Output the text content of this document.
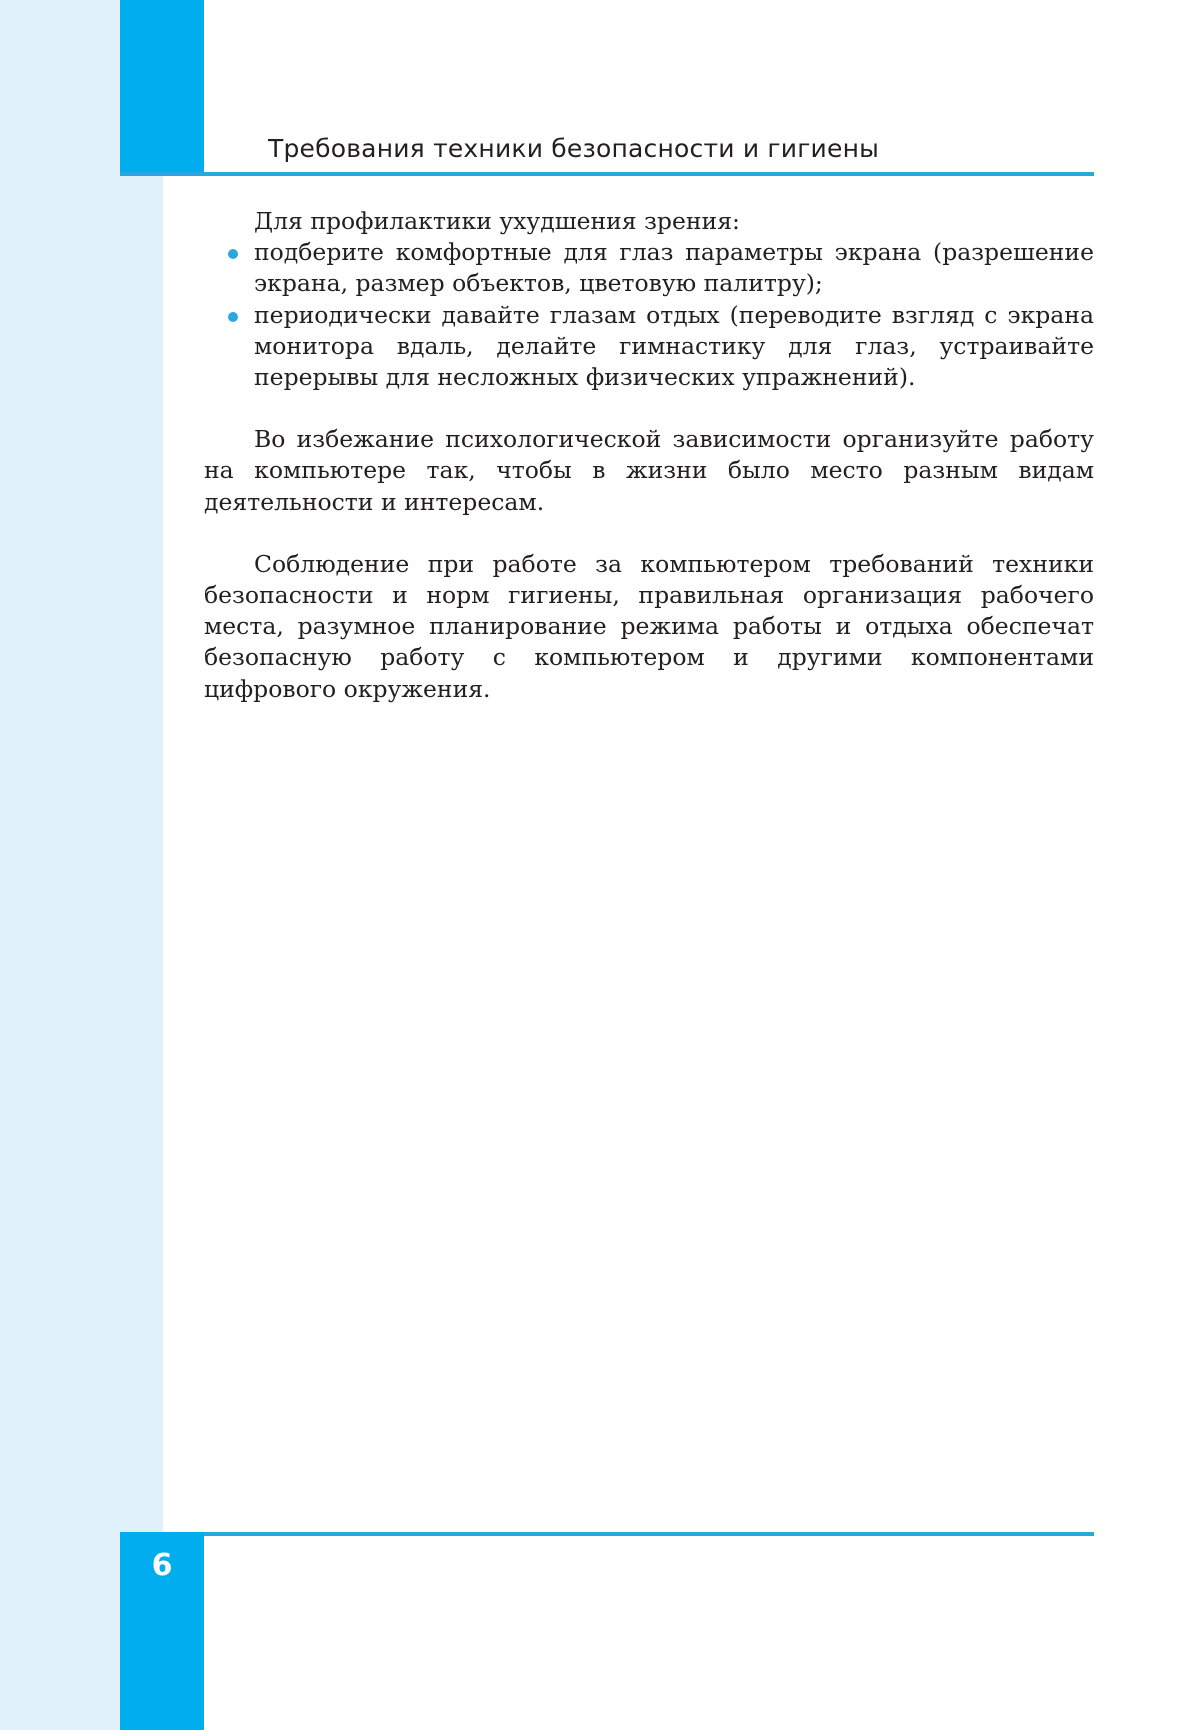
Требования техники безопасности и гигиены

Для профилактики ухудшения зрения:

подберите комфортные для глаз параметры экрана (разрешение экрана, размер объектов, цветовую палитру);
периодически давайте глазам отдых (переводите взгляд с экрана монитора вдаль, делайте гимнастику для глаз, устраивайте перерывы для несложных физических упражнений).

Во избежание психологической зависимости организуйте работу на компьютере так, чтобы в жизни было место разным видам деятельности и интересам.

Соблюдение при работе за компьютером требований техники безопасности и норм гигиены, правильная организация рабочего места, разумное планирование режима работы и отдыха обеспечат безопасную работу с компьютером и другими компонентами цифрового окружения.

6
